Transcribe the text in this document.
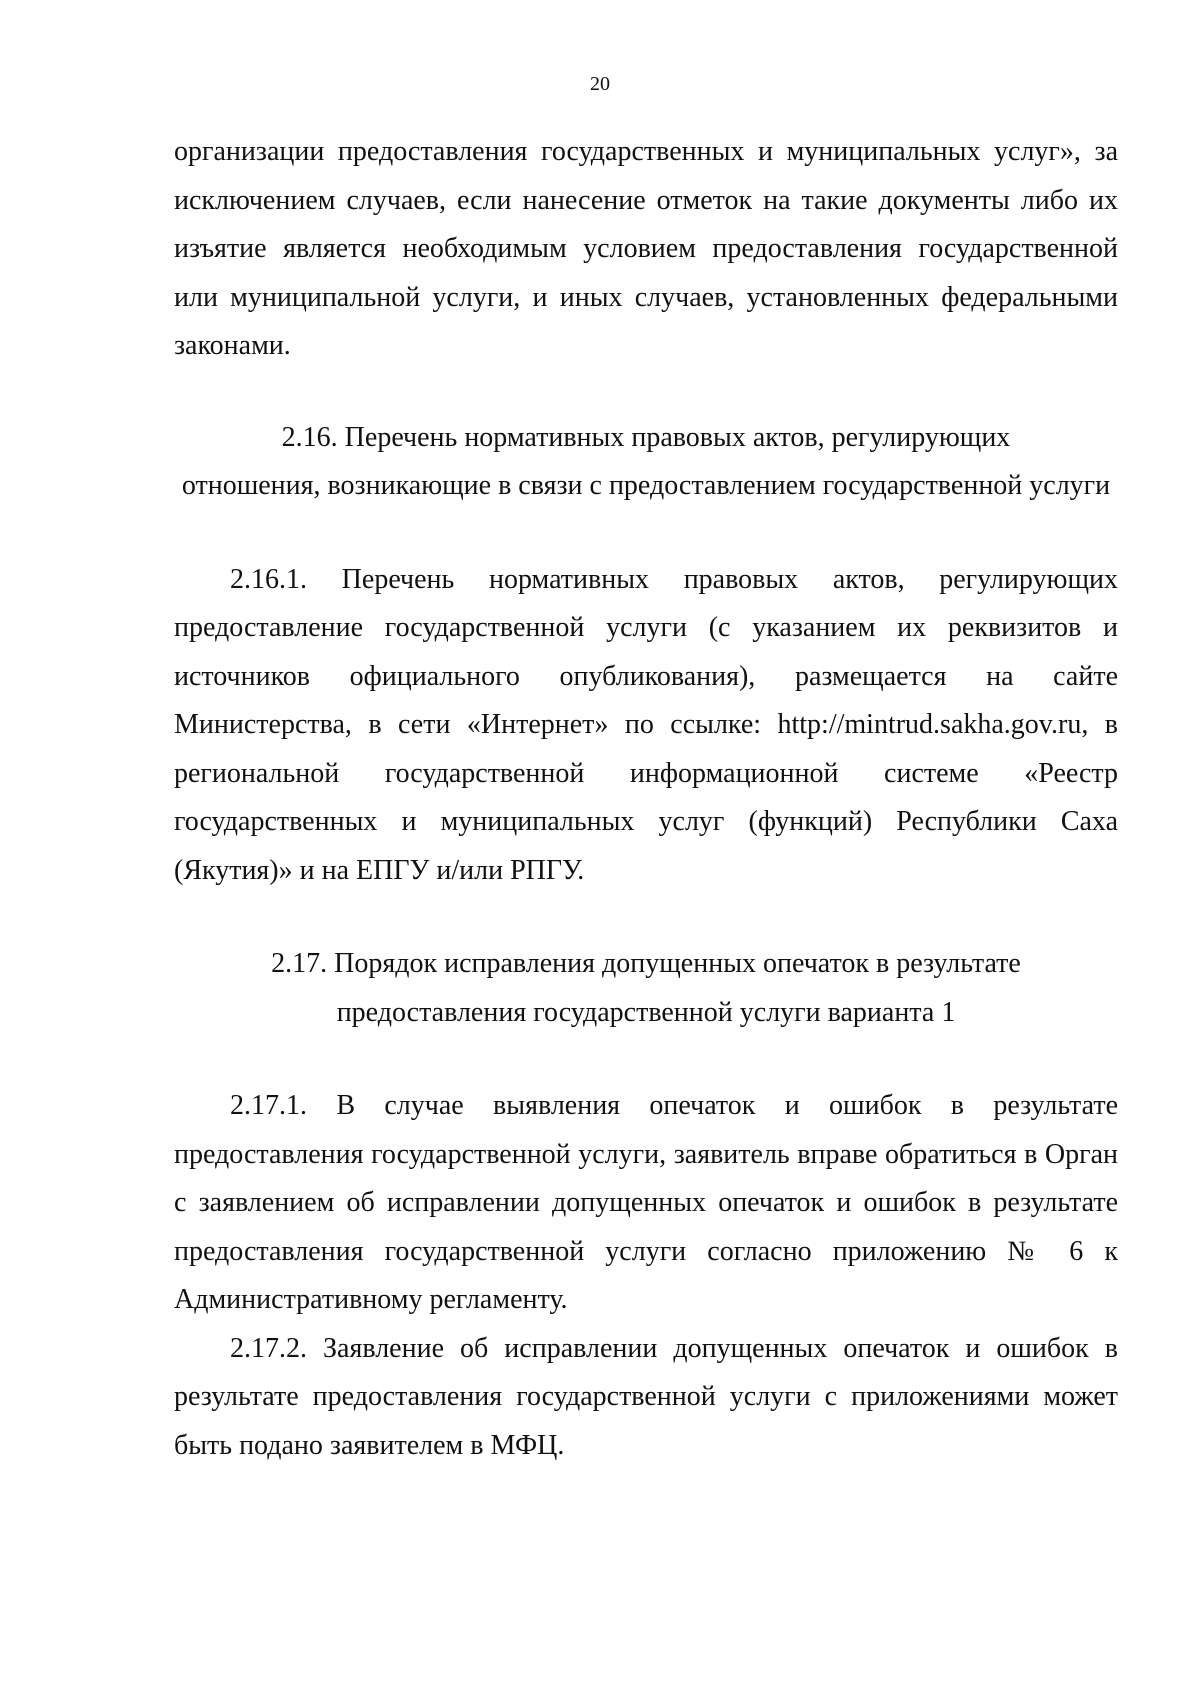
20

организации предоставления государственных и муниципальных услуг», за исключением случаев, если нанесение отметок на такие документы либо их изъятие является необходимым условием предоставления государственной или муниципальной услуги, и иных случаев, установленных федеральными законами.

2.16. Перечень нормативных правовых актов, регулирующих
отношения, возникающие в связи с предоставлением государственной услуги

2.16.1. Перечень нормативных правовых актов, регулирующих предоставление государственной услуги (с указанием их реквизитов и источников официального опубликования), размещается на сайте Министерства, в сети «Интернет» по ссылке: http://mintrud.sakha.gov.ru, в региональной государственной информационной системе «Реестр государственных и муниципальных услуг (функций) Республики Саха (Якутия)» и на ЕПГУ и/или РПГУ.

2.17. Порядок исправления допущенных опечаток в результате
предоставления государственной услуги варианта 1

2.17.1. В случае выявления опечаток и ошибок в результате предоставления государственной услуги, заявитель вправе обратиться в Орган с заявлением об исправлении допущенных опечаток и ошибок в результате предоставления государственной услуги согласно приложению № 6 к Административному регламенту.

2.17.2. Заявление об исправлении допущенных опечаток и ошибок в результате предоставления государственной услуги с приложениями может быть подано заявителем в МФЦ.
